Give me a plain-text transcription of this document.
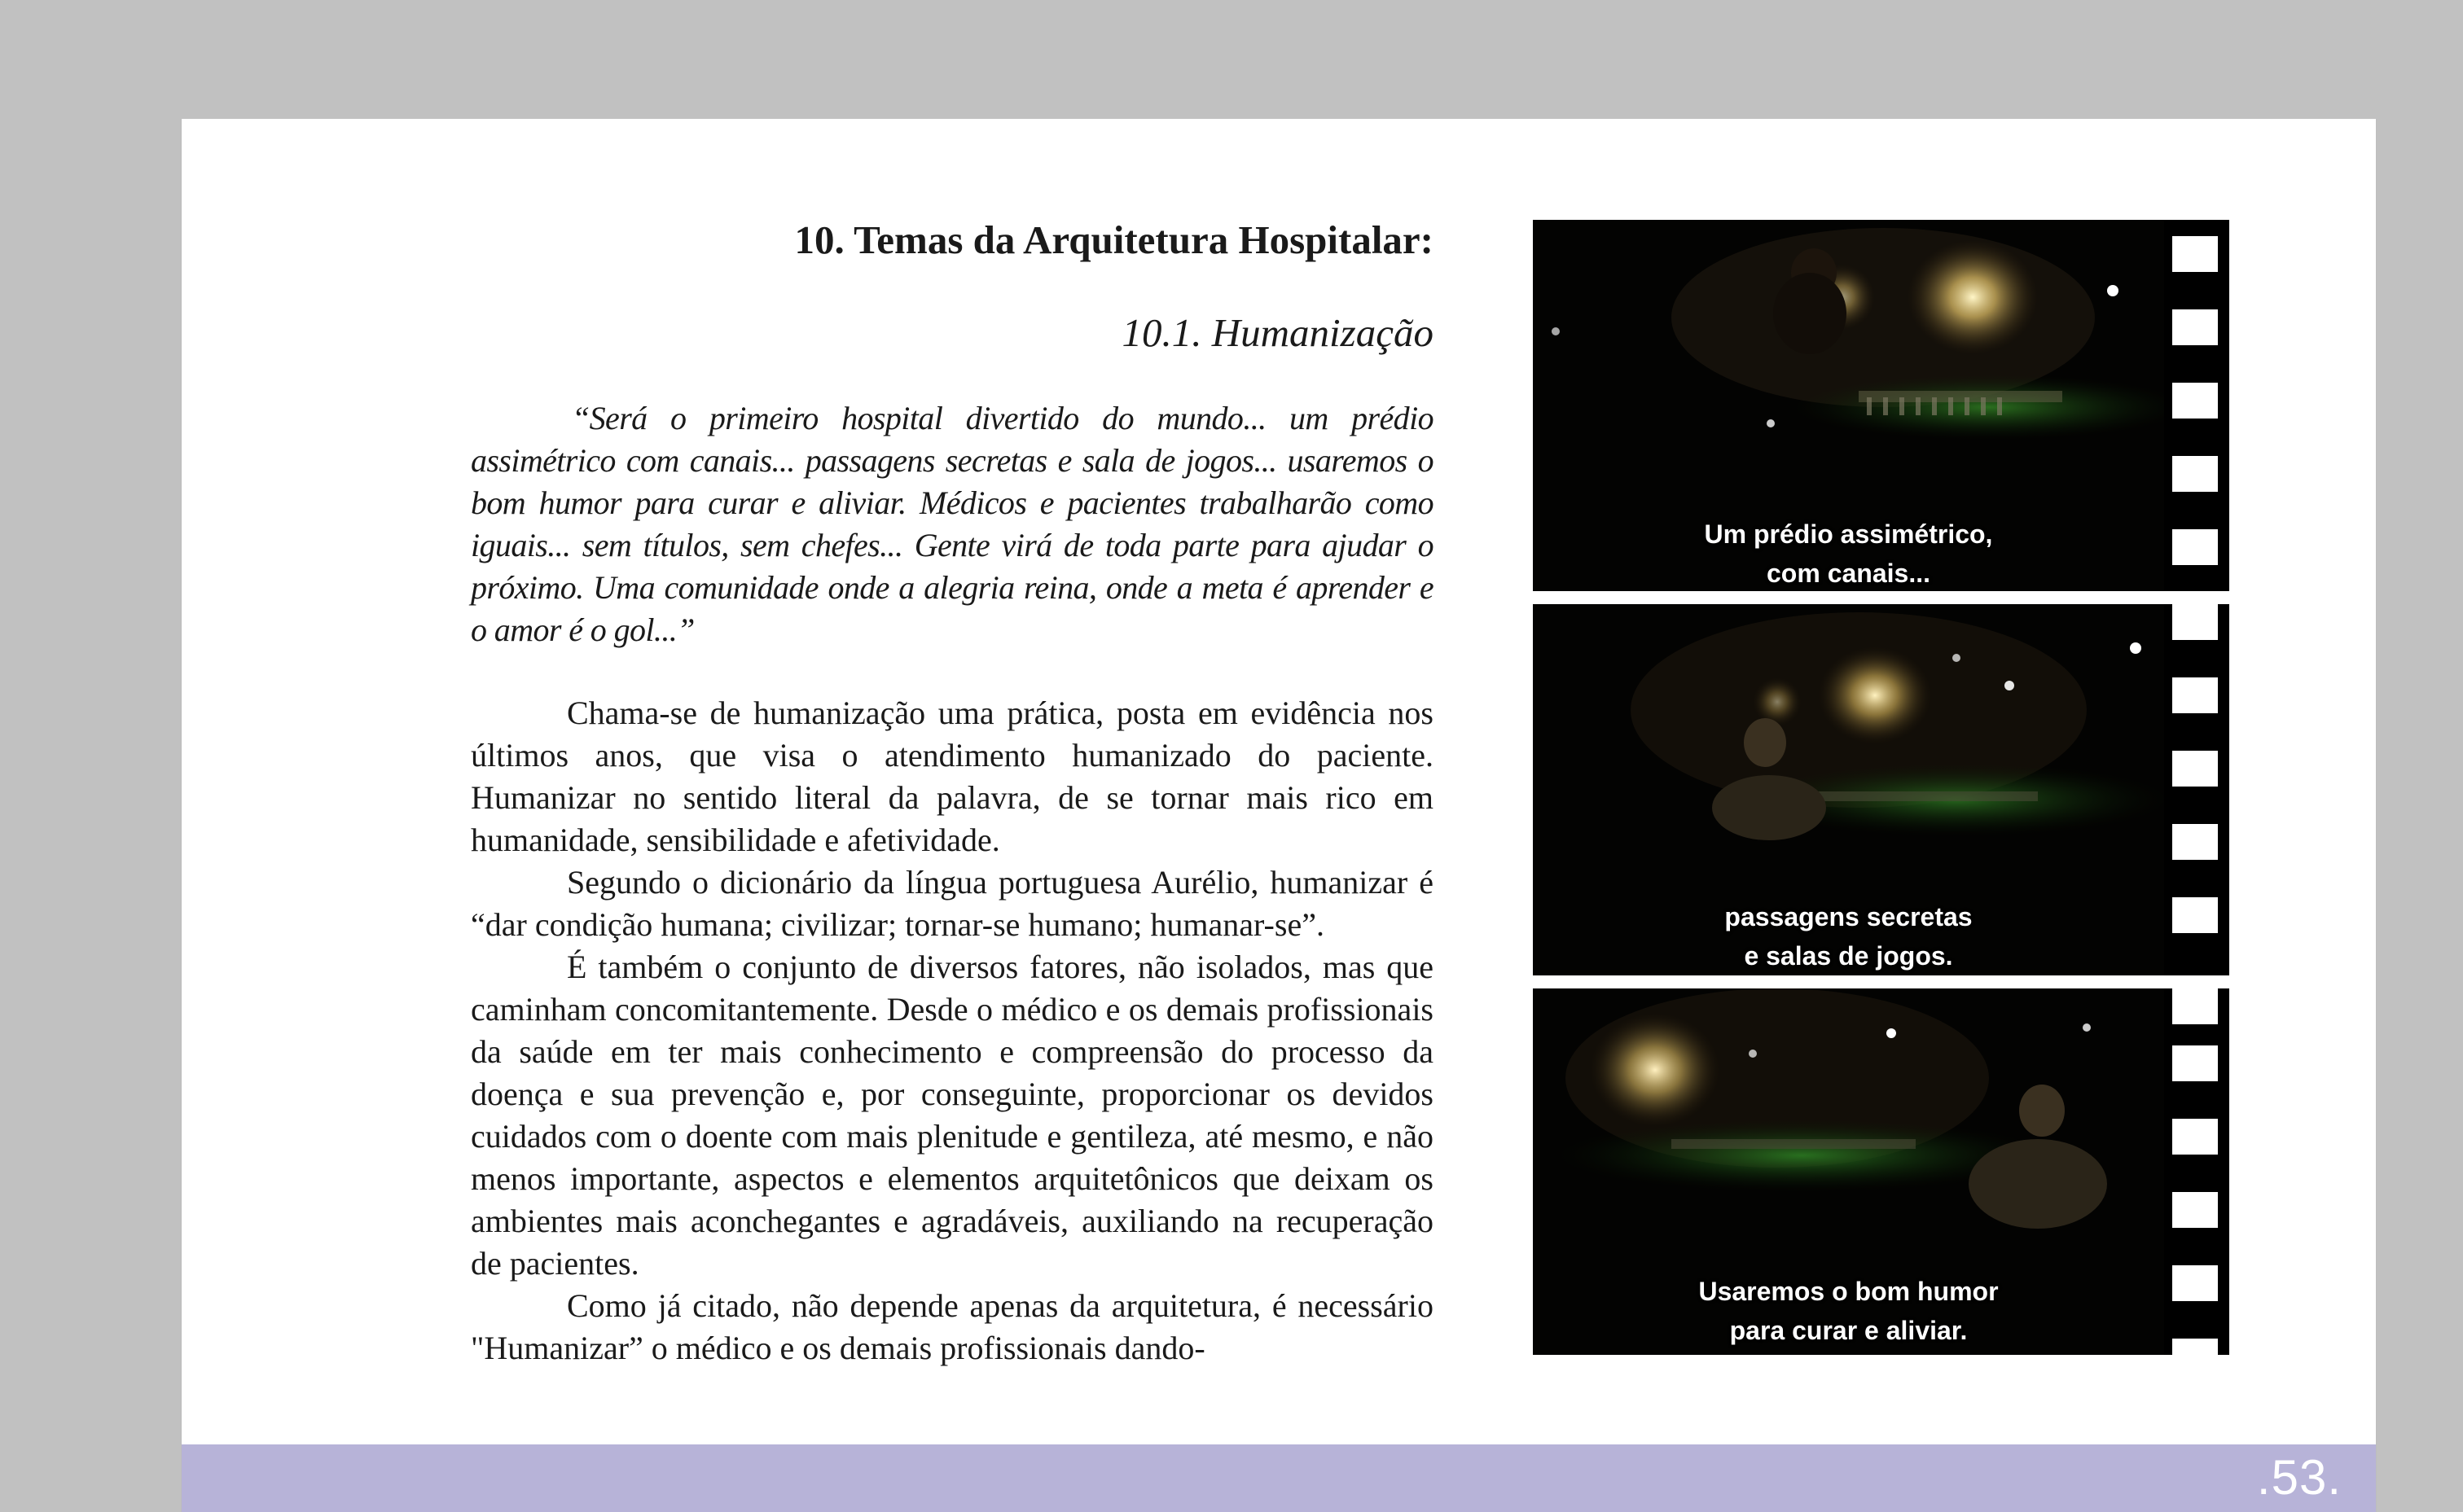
10. Temas da Arquitetura Hospitalar:
10.1. Humanização

“Será o primeiro hospital divertido do mundo... um prédio assimétrico com canais... passagens secretas e sala de jogos... usaremos o bom humor para curar e aliviar. Médicos e pacientes trabalharão como iguais... sem títulos, sem chefes... Gente virá de toda parte para ajudar o próximo. Uma comunidade onde a alegria reina, onde a meta é aprender e o amor é o gol...”

Chama-se de humanização uma prática, posta em evidência nos últimos anos, que visa o atendimento humanizado do paciente. Humanizar no sentido literal da palavra, de se tornar mais rico em humanidade, sensibilidade e afetividade.

Segundo o dicionário da língua portuguesa Aurélio, humanizar é “dar condição humana; civilizar; tornar-se humano; humanar-se”.

É também o conjunto de diversos fatores, não isolados, mas que caminham concomitantemente. Desde o médico e os demais profissionais da saúde em ter mais conhecimento e compreensão do processo da doença e sua prevenção e, por conseguinte, proporcionar os devidos cuidados com o doente com mais plenitude e gentileza, até mesmo, e não menos importante, aspectos e elementos arquitetônicos que deixam os ambientes mais aconchegantes e agradáveis, auxiliando na recuperação de pacientes.

Como já citado, não depende apenas da arquitetura, é necessário "Humanizar” o médico e os demais profissionais dando-

Um prédio assimétrico,
com canais...
passagens secretas
e salas de jogos.
Usaremos o bom humor
para curar e aliviar.
.53.
